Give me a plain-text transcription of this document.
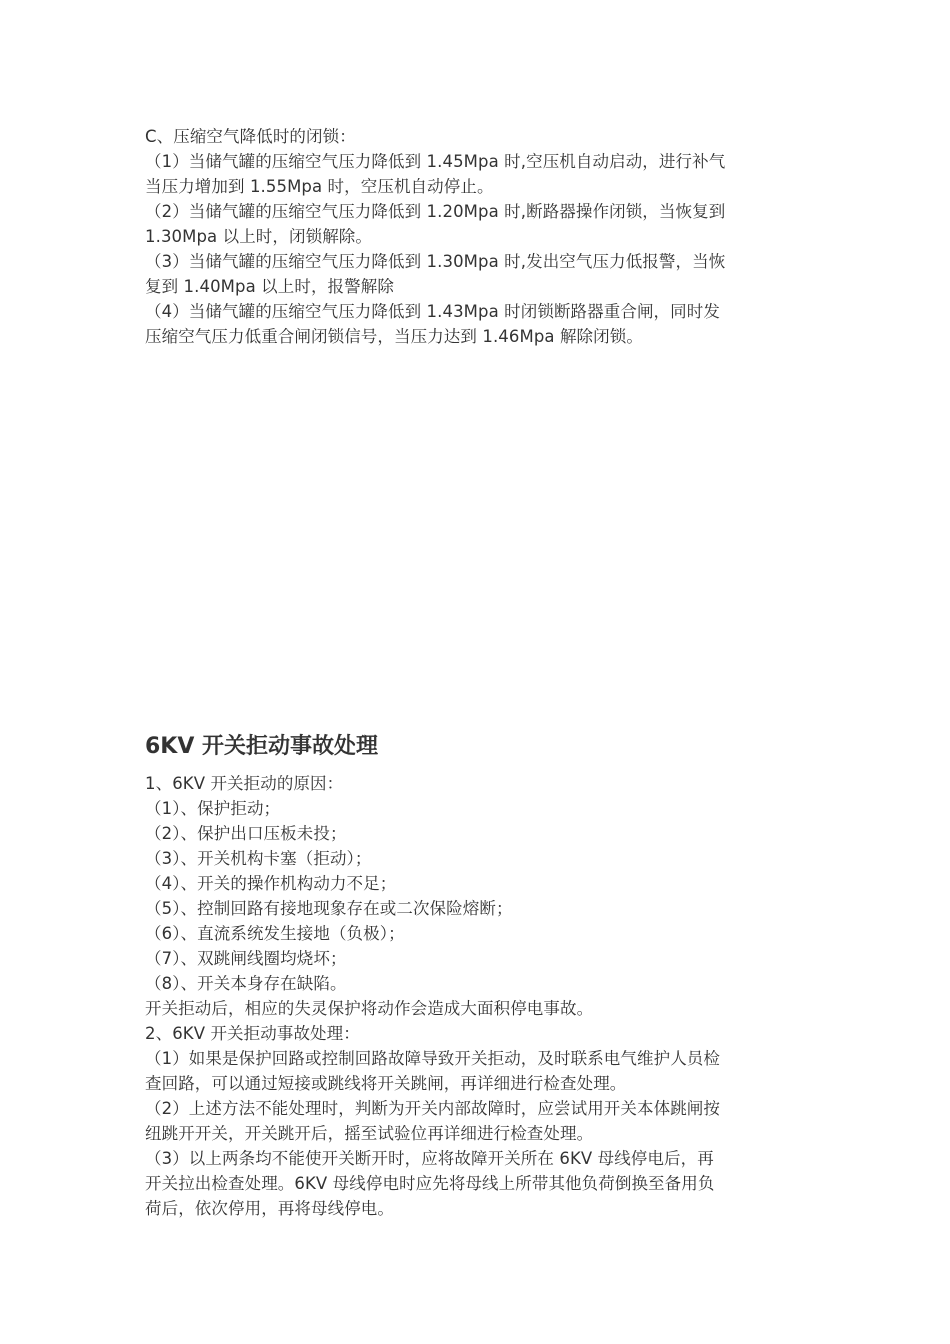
C、压缩空气降低时的闭锁：
（1）当储气罐的压缩空气压力降低到 1.45Mpa 时,空压机自动启动，进行补气
当压力增加到 1.55Mpa 时，空压机自动停止。
（2）当储气罐的压缩空气压力降低到 1.20Mpa 时,断路器操作闭锁，当恢复到
1.30Mpa 以上时，闭锁解除。
（3）当储气罐的压缩空气压力降低到 1.30Mpa 时,发出空气压力低报警，当恢
复到 1.40Mpa 以上时，报警解除
（4）当储气罐的压缩空气压力降低到 1.43Mpa 时闭锁断路器重合闸，同时发
压缩空气压力低重合闸闭锁信号，当压力达到 1.46Mpa 解除闭锁。
6KV 开关拒动事故处理
1、6KV 开关拒动的原因：
（1）、保护拒动；
（2）、保护出口压板未投；
（3）、开关机构卡塞（拒动）；
（4）、开关的操作机构动力不足；
（5）、控制回路有接地现象存在或二次保险熔断；
（6）、直流系统发生接地（负极）；
（7）、双跳闸线圈均烧坏；
（8）、开关本身存在缺陷。
开关拒动后，相应的失灵保护将动作会造成大面积停电事故。
2、6KV 开关拒动事故处理：
（1）如果是保护回路或控制回路故障导致开关拒动，及时联系电气维护人员检
查回路，可以通过短接或跳线将开关跳闸，再详细进行检查处理。
（2）上述方法不能处理时，判断为开关内部故障时，应尝试用开关本体跳闸按
纽跳开开关，开关跳开后，摇至试验位再详细进行检查处理。
（3）以上两条均不能使开关断开时，应将故障开关所在 6KV 母线停电后，再
开关拉出检查处理。6KV 母线停电时应先将母线上所带其他负荷倒换至备用负
荷后，依次停用，再将母线停电。
